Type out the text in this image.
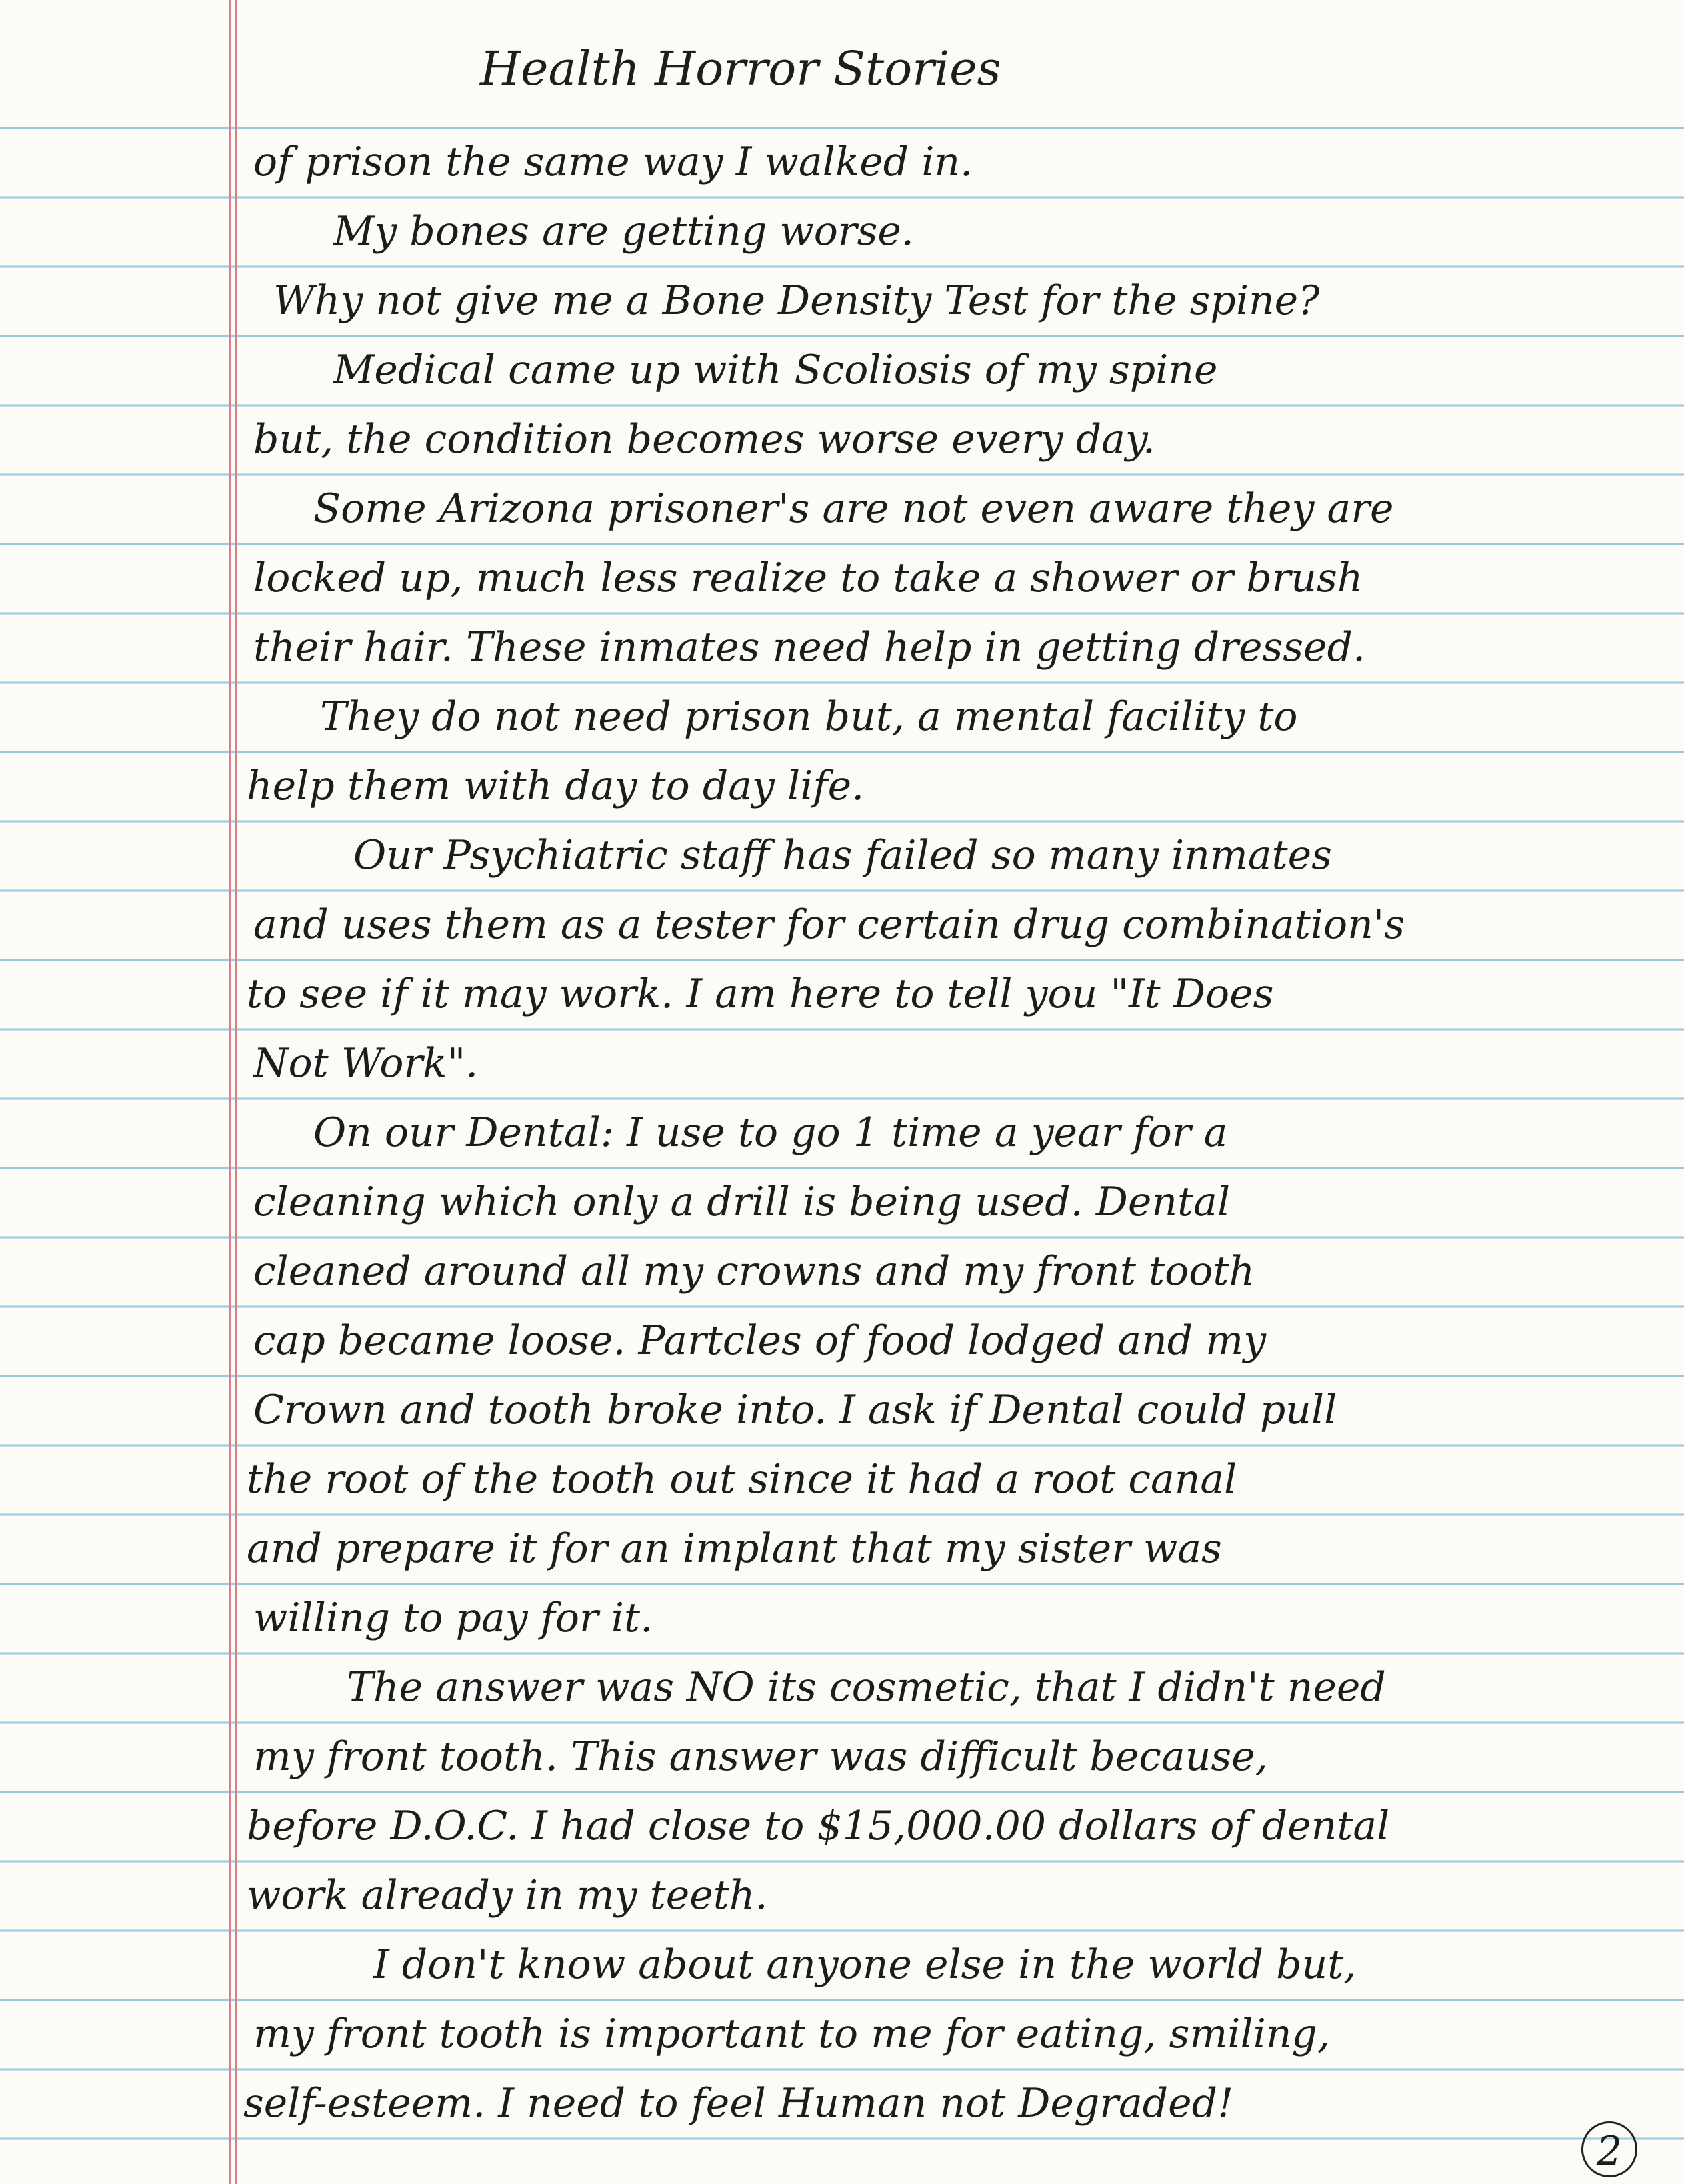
Health Horror Stories
of prison the same way I walked in.
My bones are getting worse.
Why not give me a Bone Density Test for the spine?
Medical came up with Scoliosis of my spine
but, the condition becomes worse every day.
Some Arizona prisoner's are not even aware they are
locked up, much less realize to take a shower or brush
their hair. These inmates need help in getting dressed.
They do not need prison but, a mental facility to
help them with day to day life.
Our Psychiatric staff has failed so many inmates
and uses them as a tester for certain drug combination's
to see if it may work. I am here to tell you "It Does
Not Work".
On our Dental: I use to go 1 time a year for a
cleaning which only a drill is being used. Dental
cleaned around all my crowns and my front tooth
cap became loose. Partcles of food lodged and my
Crown and tooth broke into. I ask if Dental could pull
the root of the tooth out since it had a root canal
and prepare it for an implant that my sister was
willing to pay for it.
The answer was NO its cosmetic, that I didn't need
my front tooth. This answer was difficult because,
before D.O.C. I had close to $15,000.00 dollars of dental
work already in my teeth.
I don't know about anyone else in the world but,
my front tooth is important to me for eating, smiling,
self-esteem. I need to feel Human not Degraded!
2
